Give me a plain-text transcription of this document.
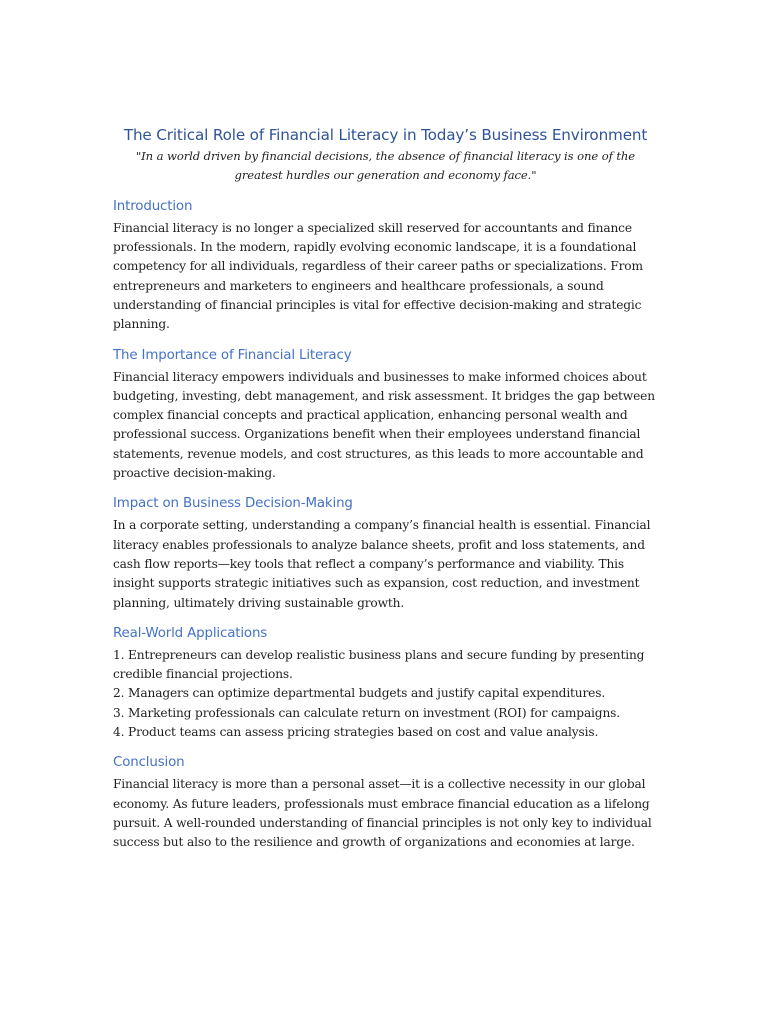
The Critical Role of Financial Literacy in Today’s Business Environment

"In a world driven by financial decisions, the absence of financial literacy is one of the greatest hurdles our generation and economy face."

Introduction

Financial literacy is no longer a specialized skill reserved for accountants and finance professionals. In the modern, rapidly evolving economic landscape, it is a foundational competency for all individuals, regardless of their career paths or specializations. From entrepreneurs and marketers to engineers and healthcare professionals, a sound understanding of financial principles is vital for effective decision-making and strategic planning.

The Importance of Financial Literacy

Financial literacy empowers individuals and businesses to make informed choices about budgeting, investing, debt management, and risk assessment. It bridges the gap between complex financial concepts and practical application, enhancing personal wealth and professional success. Organizations benefit when their employees understand financial statements, revenue models, and cost structures, as this leads to more accountable and proactive decision-making.

Impact on Business Decision-Making

In a corporate setting, understanding a company’s financial health is essential. Financial literacy enables professionals to analyze balance sheets, profit and loss statements, and cash flow reports—key tools that reflect a company’s performance and viability. This insight supports strategic initiatives such as expansion, cost reduction, and investment planning, ultimately driving sustainable growth.

Real-World Applications
1. Entrepreneurs can develop realistic business plans and secure funding by presenting credible financial projections.
2. Managers can optimize departmental budgets and justify capital expenditures.
3. Marketing professionals can calculate return on investment (ROI) for campaigns.
4. Product teams can assess pricing strategies based on cost and value analysis.
Conclusion

Financial literacy is more than a personal asset—it is a collective necessity in our global economy. As future leaders, professionals must embrace financial education as a lifelong pursuit. A well-rounded understanding of financial principles is not only key to individual success but also to the resilience and growth of organizations and economies at large.
